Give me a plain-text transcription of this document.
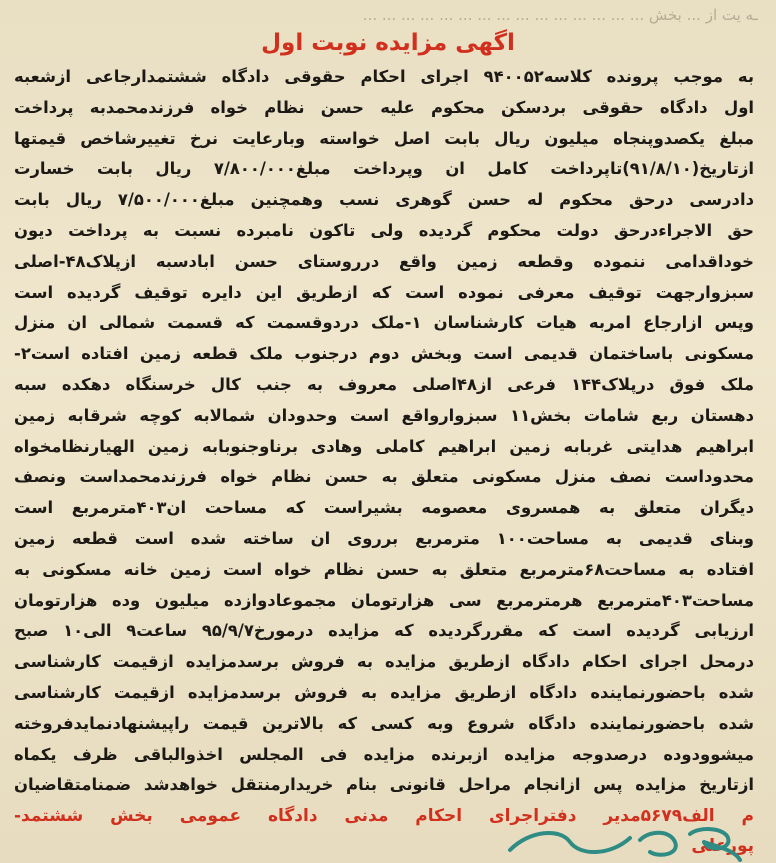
ـه یت از ... بخش ... ... ... ... ... ... ... ... ... ... ... ... ... ... ...
اگهی مزایده نوبت اول
به موجب پرونده کلاسه۹۴۰۰۵۲ اجرای احکام حقوقی دادگاه ششتمدارجاعی ازشعبه
اول دادگاه حقوقی بردسکن محکوم علیه حسن نظام خواه فرزندمحمدبه پرداخت
مبلغ یکصدوپنجاه میلیون ریال بابت اصل خواسته وبارعایت نرخ تغییرشاخص قیمتها
ازتاریخ(۹۱/۸/۱۰)تاپرداخت کامل ان وپرداخت مبلغ۷/۸۰۰/۰۰۰ ریال بابت خسارت
دادرسی درحق محکوم له حسن گوهری نسب وهمچنین مبلغ۷/۵۰۰/۰۰۰ ریال بابت
حق الاجراءدرحق دولت محکوم گردیده ولی تاکون نامبرده نسبت به پرداخت دیون
خوداقدامی ننموده وقطعه زمین واقع درروستای حسن ابادسبه ازپلاک۴۸-اصلی
سبزوارجهت توقیف معرفی نموده است که ازطریق این دایره توقیف گردیده است
وپس ازارجاع امربه هیات کارشناسان ۱-ملک دردوقسمت که قسمت شمالی ان منزل
مسکونی باساختمان قدیمی است وبخش دوم درجنوب ملک قطعه زمین افتاده است۲-
ملک فوق درپلاک۱۴۴ فرعی از۴۸اصلی معروف به جنب کال خرسنگاه دهکده سبه
دهستان ربع شامات بخش۱۱ سبزوارواقع است وحدودان شمالابه کوچه شرقابه زمین
ابراهیم هدایتی غربابه زمین ابراهیم کاملی وهادی برناوجنوبابه زمین الهیارنظامخواه
محدوداست نصف منزل مسکونی متعلق به حسن نظام خواه فرزندمحمداست ونصف
دیگران متعلق به همسروی معصومه بشیراست که مساحت ان۴۰۳مترمربع است
وبنای قدیمی به مساحت۱۰۰ مترمربع برروی ان ساخته شده است قطعه زمین
افتاده به مساحت۶۸مترمربع متعلق به حسن نظام خواه است زمین خانه مسکونی به
مساحت۴۰۳مترمربع هرمترمربع سی هزارتومان مجموعادوازده میلیون وده هزارتومان
ارزیابی گردیده است که مقررگردیده که مزایده درمورخ۹۵/۹/۷ ساعت۹ الی۱۰ صبح
درمحل اجرای احکام دادگاه ازطریق مزایده به فروش برسدمزایده ازقیمت کارشناسی
شده باحضورنماینده دادگاه ازطریق مزایده به فروش برسدمزایده ازقیمت کارشناسی
شده باحضورنماینده دادگاه شروع وبه کسی که بالاترین قیمت راپیشنهادنمایدفروخته
میشوودوده درصدوجه مزایده ازبرنده مزایده فی المجلس اخذوالباقی ظرف یکماه
ازتاریخ مزایده پس ازانجام مراحل قانونی بنام خریدارمنتقل خواهدشد ضمنامتقاضیان
م الف۵۶۷۹مدیر دفتراجرای احکام مدنی دادگاه عمومی بخش ششتمد-
پورعلی
